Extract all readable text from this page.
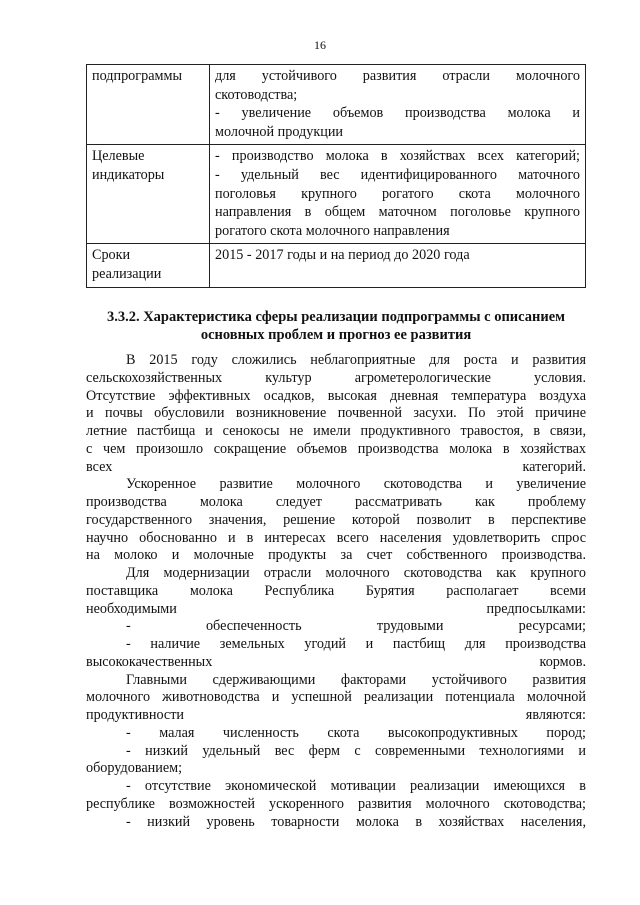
16
подпрограммы	для устойчивого развития отрасли молочного
скотоводства;
- увеличение объемов производства молока и
молочной продукции

Целевые
индикаторы	- производство молока в хозяйствах всех категорий;
- удельный вес идентифицированного маточного
поголовья крупного рогатого скота молочного
направления в общем маточном поголовье крупного
рогатого скота молочного направления

Сроки
реализации	2015 - 2017 годы и на период до 2020 года
3.3.2. Характеристика сферы реализации подпрограммы с описанием
основных проблем и прогноз ее развития
В 2015 году сложились неблагоприятные для роста и развития
сельскохозяйственных культур агрометерологические условия.
Отсутствие эффективных осадков, высокая дневная температура воздуха
и почвы обусловили возникновение почвенной засухи. По этой причине
летние пастбища и сенокосы не имели продуктивного травостоя, в связи,
с чем произошло сокращение объемов производства молока в хозяйствах
всех категорий.
Ускоренное развитие молочного скотоводства и увеличение
производства молока следует рассматривать как проблему
государственного значения, решение которой позволит в перспективе
научно обоснованно и в интересах всего населения удовлетворить спрос
на молоко и молочные продукты за счет собственного производства.
Для модернизации отрасли молочного скотоводства как крупного
поставщика молока Республика Бурятия располагает всеми
необходимыми предпосылками:
- обеспеченность трудовыми ресурсами;
- наличие земельных угодий и пастбищ для производства
высококачественных кормов.
Главными сдерживающими факторами устойчивого развития
молочного животноводства и успешной реализации потенциала молочной
продуктивности являются:
- малая численность скота высокопродуктивных пород;
- низкий удельный вес ферм с современными технологиями и
оборудованием;
- отсутствие экономической мотивации реализации имеющихся в
республике возможностей ускоренного развития молочного скотоводства;
- низкий уровень товарности молока в хозяйствах населения,
